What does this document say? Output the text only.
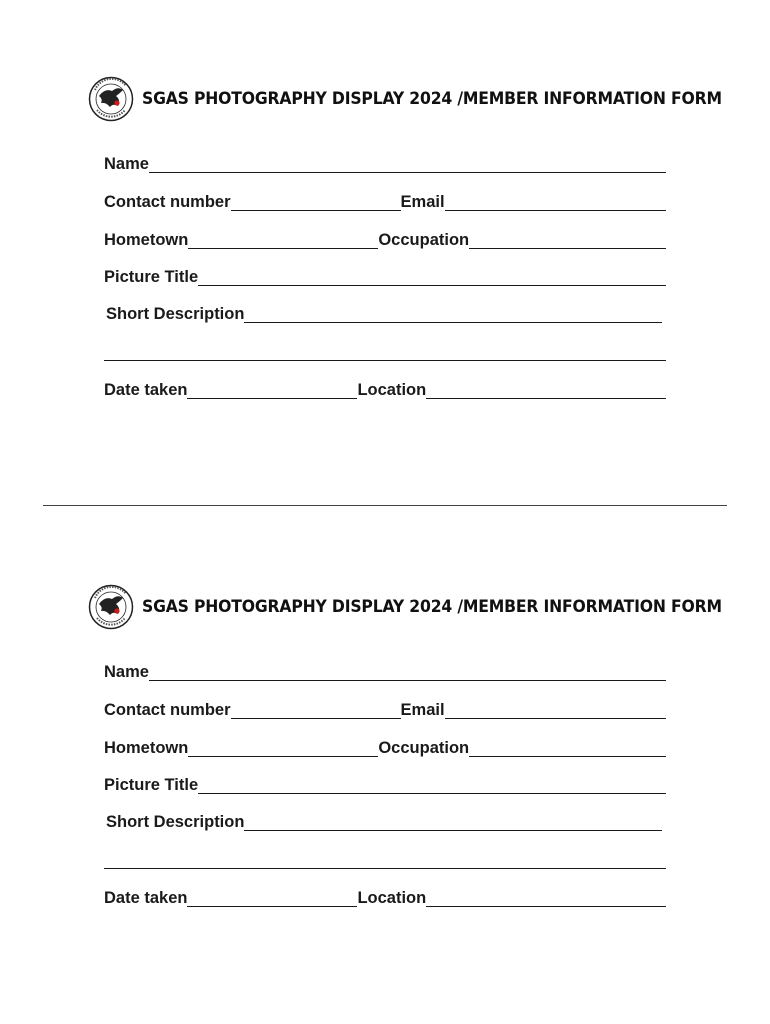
SGAS PHOTOGRAPHY DISPLAY 2024 /MEMBER INFORMATION FORM
Name
Contact number	Email
Hometown	Occupation
Picture Title
Short Description
Date taken	Location
SGAS PHOTOGRAPHY DISPLAY 2024 /MEMBER INFORMATION FORM
Name
Contact number	Email
Hometown	Occupation
Picture Title
Short Description
Date taken	Location
